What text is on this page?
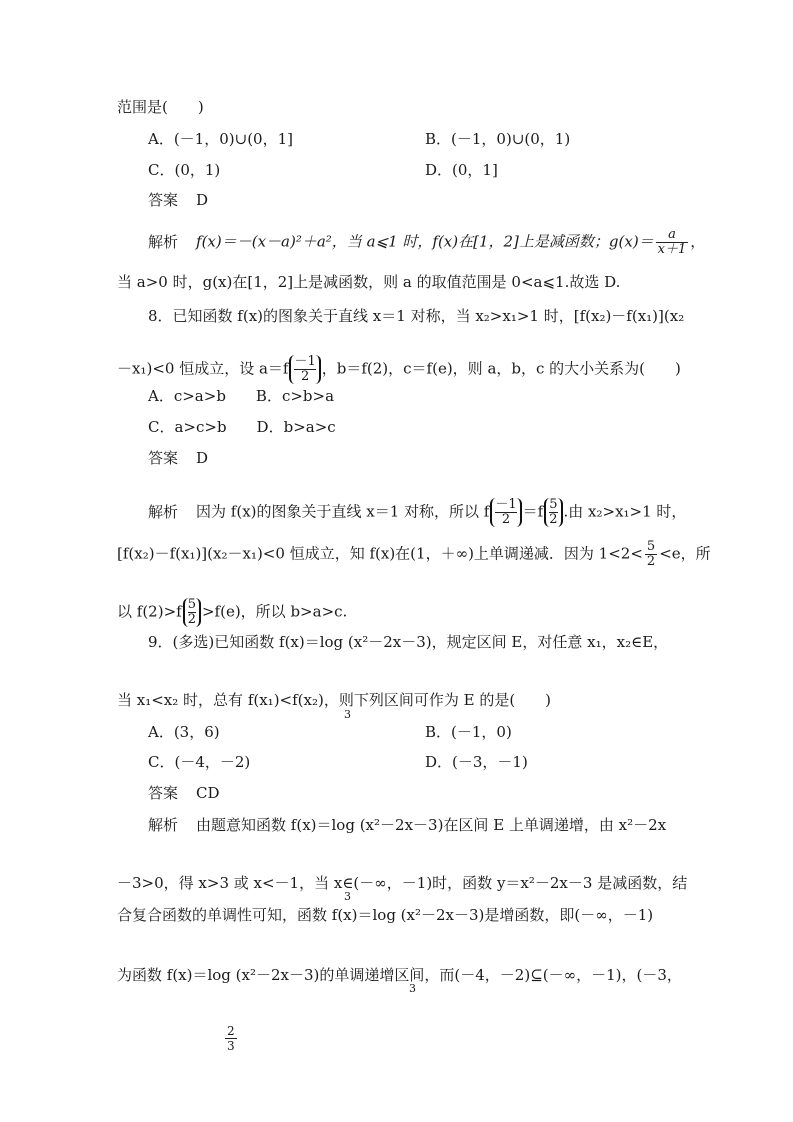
范围是(　　)
A．(－1，0)∪(0，1]	B．(－1，0)∪(0，1)
C．(0，1)	D．(0，1]
答案 D
解析 f(x)＝－(x－a)²＋a²，当 a⩽1 时，f(x)在[1，2]上是减函数；$g(x)= \frac{a}{x+1}$ ，
当 a>0 时，g(x)在[1，2]上是减函数，则 a 的取值范围是 0<a⩽1.故选 D.
8．已知函数 f(x)的图象关于直线 x＝1 对称，当 x₂>x₁>1 时，[f(x₂)－f(x₁)](x₂
－x₁)<0 恒成立，设 $a=f \frac{-1}{2}$ ，b＝f(2)，c＝f(e)，则 a，b，c 的大小关系为(　　)
A．c>a>b　　B．c>b>a
C．a>c>b　　D．b>a>c
答案 D
解析 因为 f(x)的图象关于直线 x＝1 对称，所以 f $\frac{-1}{2} =f \frac{5}{2}$ .由 x₂>x₁>1 时，
[f(x₂)－f(x₁)](x₂－x₁)<0 恒成立，知 f(x)在(1，＋∞)上单调递减．因为 $1<2< \frac{5}{2} <e$，所
以 $f(2)>f \frac{5}{2} >f(e)$，所以 b>a>c.
9．(多选)已知函数 f(x)＝log (x²－2x－3)，规定区间 E，对任意 x₁，x₂∈E，
当 x₁<x₂ 时，总有 f(x₁)<f(x₂)，则下列区间可作为 E 的是(　　)
3
A．(3，6)	B．(－1，0)
C．(－4，－2)	D．(－3，－1)
答案 CD
解析 由题意知函数 f(x)＝log (x²－2x－3)在区间 E 上单调递增，由 x²－2x
－3>0，得 x>3 或 x<－1，当 x∈(－∞，－1)时，函数 y＝x²－2x－3 是减函数，结
3
合复合函数的单调性可知，函数 f(x)＝log (x²－2x－3)是增函数，即(－∞，－1)
为函数 f(x)＝log (x²－2x－3)的单调递增区间，而(－4，－2)⊆(－∞，－1)，(－3，
3
$\frac{2}{3}$
